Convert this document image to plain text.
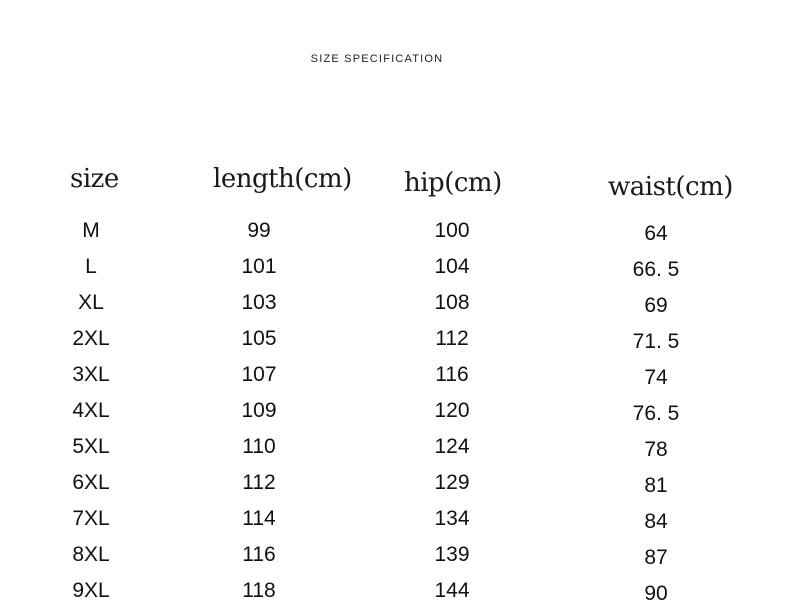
SIZE SPECIFICATION
size	length(cm) hip(cm)	waist(cm)
M
L
XL
2XL
3XL
4XL
5XL
6XL
7XL
8XL
9XL
99
101
103
105
107
109
110
112
114
116
118
100
104
108
112
116
120
124
129
134
139
144
64
66. 5
69
71. 5
74
76. 5
78
81
84
87
90
